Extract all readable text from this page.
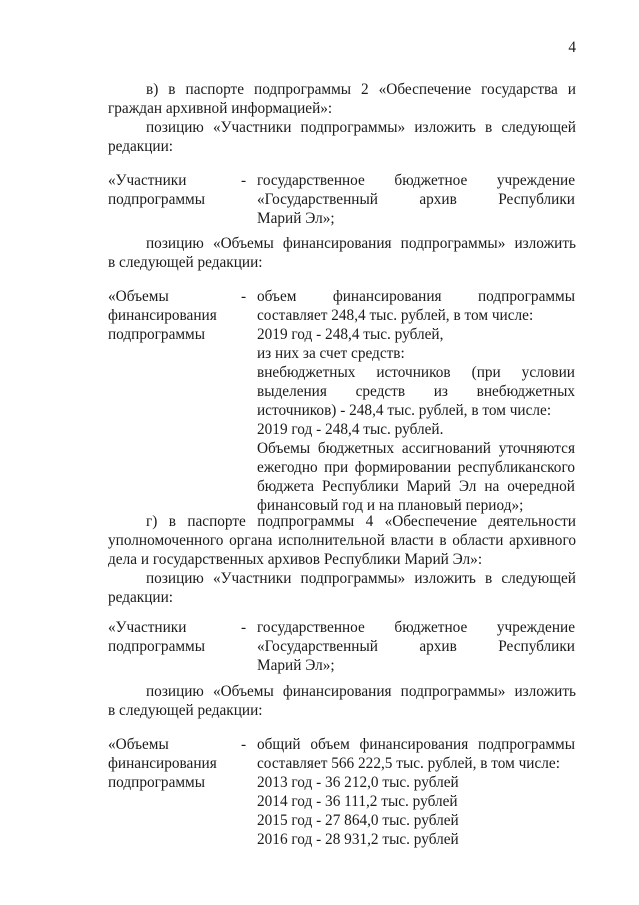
4
в) в паспорте подпрограммы 2 «Обеспечение государства и
граждан архивной информацией»:
позицию «Участники подпрограммы» изложить в следующей
редакции:
«Участники
подпрограммы
- государственное бюджетное учреждение
«Государственный архив Республики
Марий Эл»;
позицию «Объемы финансирования подпрограммы» изложить
в следующей редакции:
«Объемы
финансирования
подпрограммы
- объем финансирования подпрограммы
составляет 248,4 тыс. рублей, в том числе:
2019 год - 248,4 тыс. рублей,
из них за счет средств:
внебюджетных источников (при условии
выделения средств из внебюджетных
источников) - 248,4 тыс. рублей, в том числе:
2019 год - 248,4 тыс. рублей.
Объемы бюджетных ассигнований уточняются
ежегодно при формировании республиканского
бюджета Республики Марий Эл на очередной
финансовый год и на плановый период»;
г) в паспорте подпрограммы 4 «Обеспечение деятельности
уполномоченного органа исполнительной власти в области архивного
дела и государственных архивов Республики Марий Эл»:
позицию «Участники подпрограммы» изложить в следующей
редакции:
«Участники
подпрограммы
- государственное бюджетное учреждение
«Государственный архив Республики
Марий Эл»;
позицию «Объемы финансирования подпрограммы» изложить
в следующей редакции:
«Объемы
финансирования
подпрограммы
- общий объем финансирования подпрограммы
составляет 566 222,5 тыс. рублей, в том числе:
2013 год - 36 212,0 тыс. рублей
2014 год - 36 111,2 тыс. рублей
2015 год - 27 864,0 тыс. рублей
2016 год - 28 931,2 тыс. рублей
